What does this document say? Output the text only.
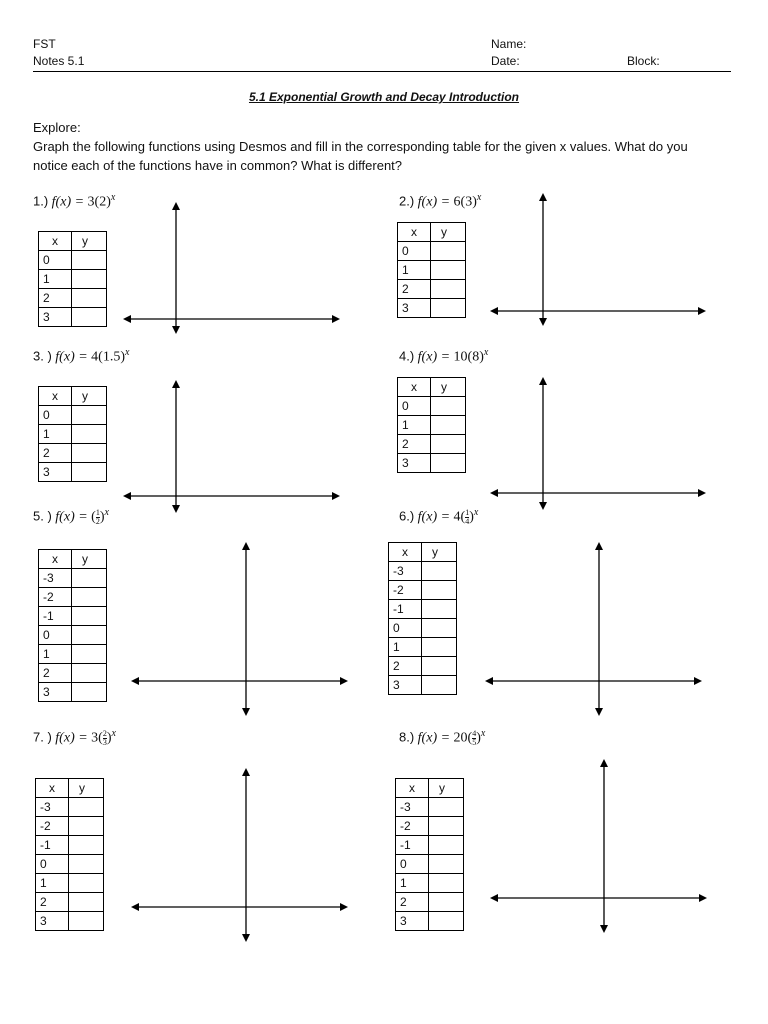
FST
Notes 5.1
Name:
Date:	Block:
5.1 Exponential Growth and Decay Introduction

Explore:

Graph the following functions using Desmos and fill in the corresponding table for the given x values. What do you notice each of the functions have in common? What is different?

1.) $f(x) = 3(2)^x$
x	y
0	
1	
2	
3	
2.) $f(x) = 6(3)^x$
x	y
0	
1	
2	
3	
3. ) $f(x) = 4(1.5)^x$
x	y
0	
1	
2	
3	
4.) $f(x) = 10(8)^x$
x	y
0	
1	
2	
3	
5. ) f(x) = ( $\frac{1}{2} )^x$
x	y
-3	
-2	
-1	
0	
1	
2	
3	
6.) $f(x) = 4( \frac{1}{4} )^x$
x	y
-3	
-2	
-1	
0	
1	
2	
3	
7. ) $f(x) = 3( \frac{2}{3} )^x$
x	y
-3	
-2	
-1	
0	
1	
2	
3	
8.) $f(x) = 20( \frac{4}{5} )^x$
x	y
-3	
-2	
-1	
0	
1	
2	
3	
